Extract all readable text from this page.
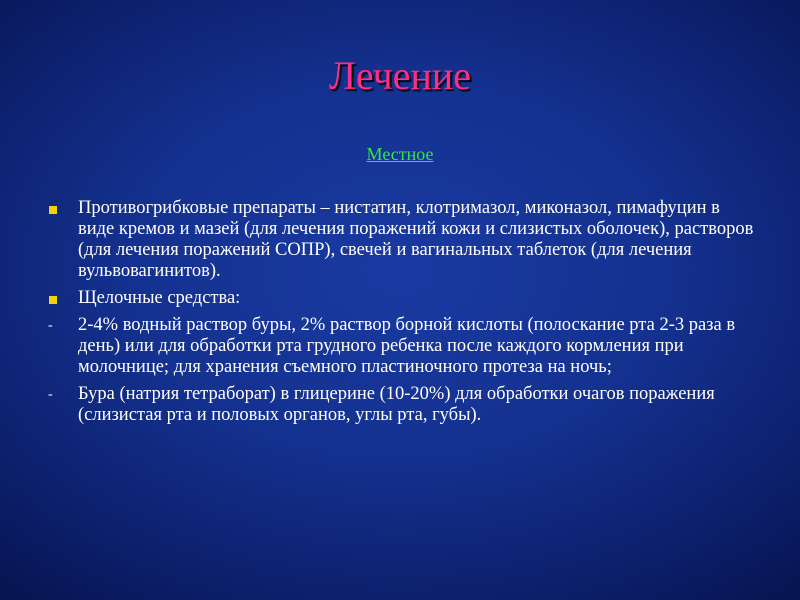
Лечение
Местное
Противогрибковые препараты – нистатин, клотримазол, миконазол, пимафуцин в виде кремов и мазей (для лечения поражений кожи и слизистых оболочек), растворов (для лечения поражений СОПР), свечей и вагинальных таблеток (для лечения вульвовагинитов).
Щелочные средства:
- 2-4% водный раствор буры, 2% раствор борной кислоты (полоскание рта 2-3 раза в день) или для обработки рта грудного ребенка после каждого кормления при молочнице; для хранения съемного пластиночного протеза на ночь;
- Бура (натрия тетраборат) в глицерине (10-20%) для обработки очагов поражения (слизистая рта и половых органов, углы рта, губы).
